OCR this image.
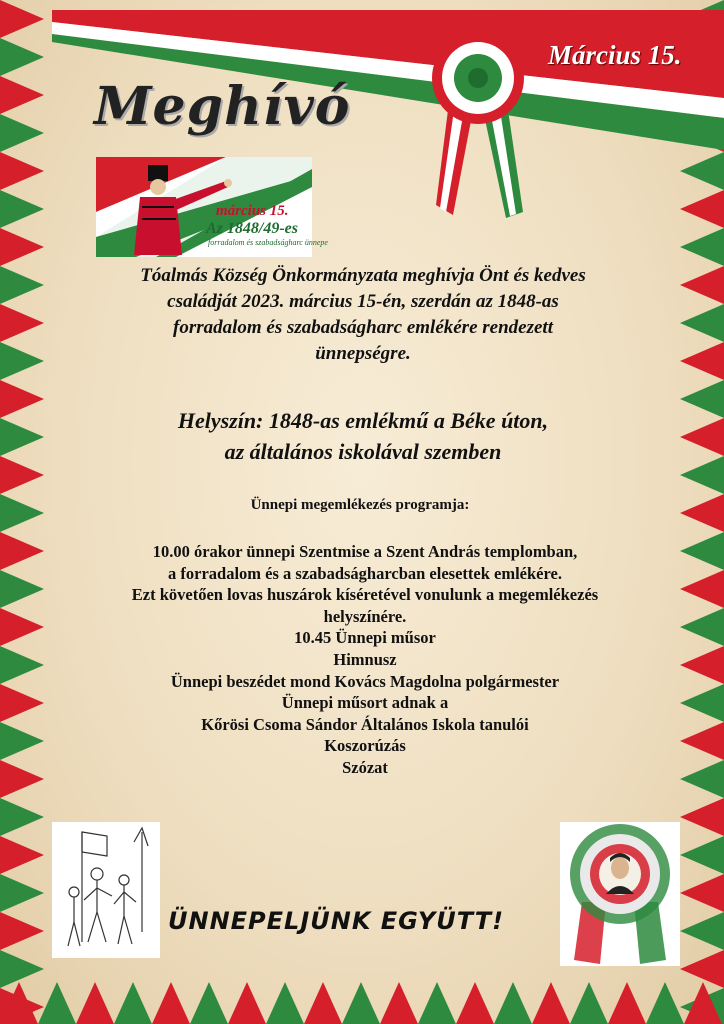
Március 15.
Meghívó
március 15.
Az 1848/49-es
forradalom és szabadságharc ünnepe
Tóalmás Község Önkormányzata meghívja Önt és kedves
családját 2023. március 15-én, szerdán az 1848-as
forradalom és szabadságharc emlékére rendezett
ünnepségre.
Helyszín: 1848-as emlékmű a Béke úton,
az általános iskolával szemben
Ünnepi megemlékezés programja:
10.00 órakor ünnepi Szentmise a Szent András templomban,
a forradalom és a szabadságharcban elesettek emlékére.
Ezt követően lovas huszárok kíséretével vonulunk a megemlékezés
helyszínére.
10.45 Ünnepi műsor
Himnusz
Ünnepi beszédet mond Kovács Magdolna polgármester
Ünnepi műsort adnak a
Kőrösi Csoma Sándor Általános Iskola tanulói
Koszorúzás
Szózat
ÜNNEPELJÜNK EGYÜTT!
